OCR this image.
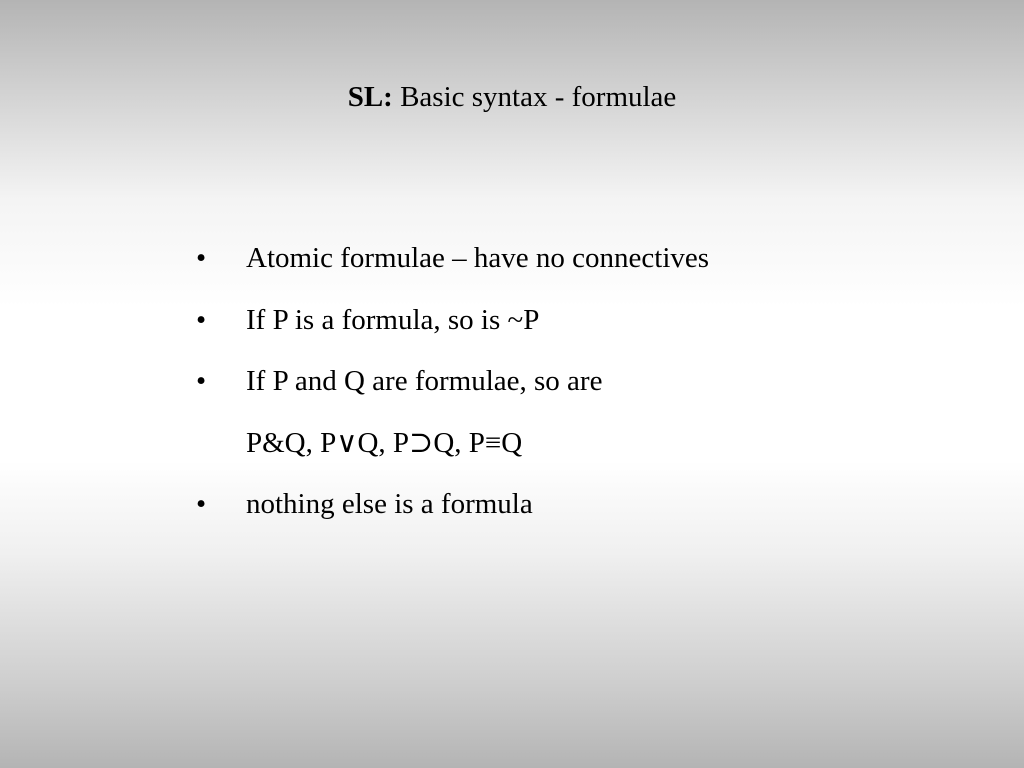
SL: Basic syntax - formulae
•	Atomic formulae – have no connectives
•	If P is a formula, so is ~P
•	If P and Q are formulae, so are
P&Q, P∨Q, P⊃Q, P≡Q
•	nothing else is a formula
